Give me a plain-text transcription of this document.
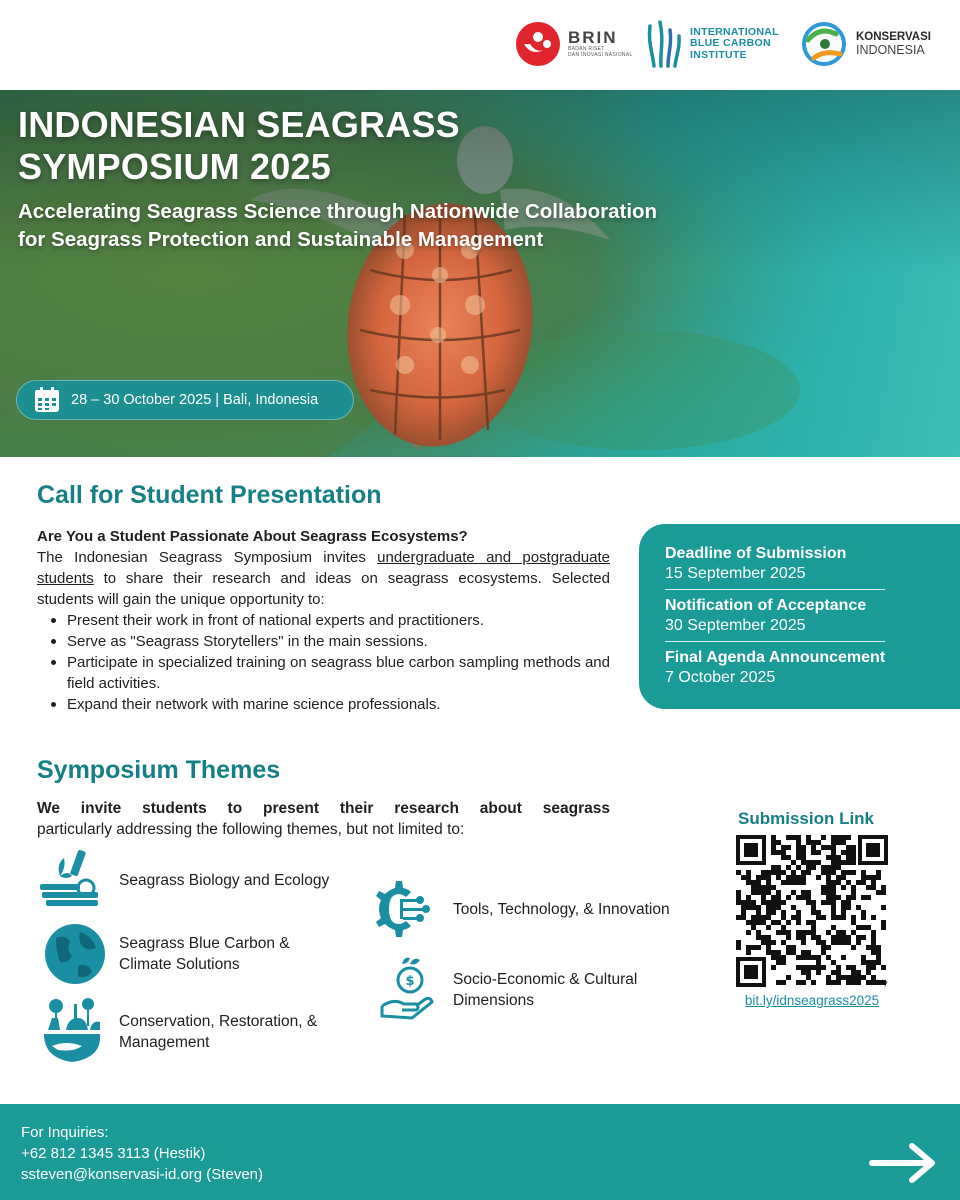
BRIN
BADAN RISET
DAN INOVASI NASIONAL
INTERNATIONAL
BLUE CARBON
INSTITUTE
KONSERVASI
INDONESIA
INDONESIAN SEAGRASS
SYMPOSIUM 2025
Accelerating Seagrass Science through Nationwide Collaboration
for Seagrass Protection and Sustainable Management
28 – 30 October 2025 | Bali, Indonesia
Call for Student Presentation
Are You a Student Passionate About Seagrass Ecosystems?
The Indonesian Seagrass Symposium invites undergraduate and postgraduate students to share their research and ideas on seagrass ecosystems. Selected students will gain the unique opportunity to:
Present their work in front of national experts and practitioners.
Serve as "Seagrass Storytellers" in the main sessions.
Participate in specialized training on seagrass blue carbon sampling methods and field activities.
Expand their network with marine science professionals.
Deadline of Submission
15 September 2025
Notification of Acceptance
30 September 2025
Final Agenda Announcement
7 October 2025
Symposium Themes
We invite students to present their research about seagrass
particularly addressing the following themes, but not limited to:
Seagrass Biology and Ecology
Seagrass Blue Carbon & Climate Solutions
Conservation, Restoration, & Management
Tools, Technology, & Innovation
$ Socio-Economic & Cultural Dimensions
Submission Link
bitly
bit.ly/idnseagrass2025
For Inquiries:
+62 812 1345 3113 (Hestik)
ssteven@konservasi-id.org (Steven)
